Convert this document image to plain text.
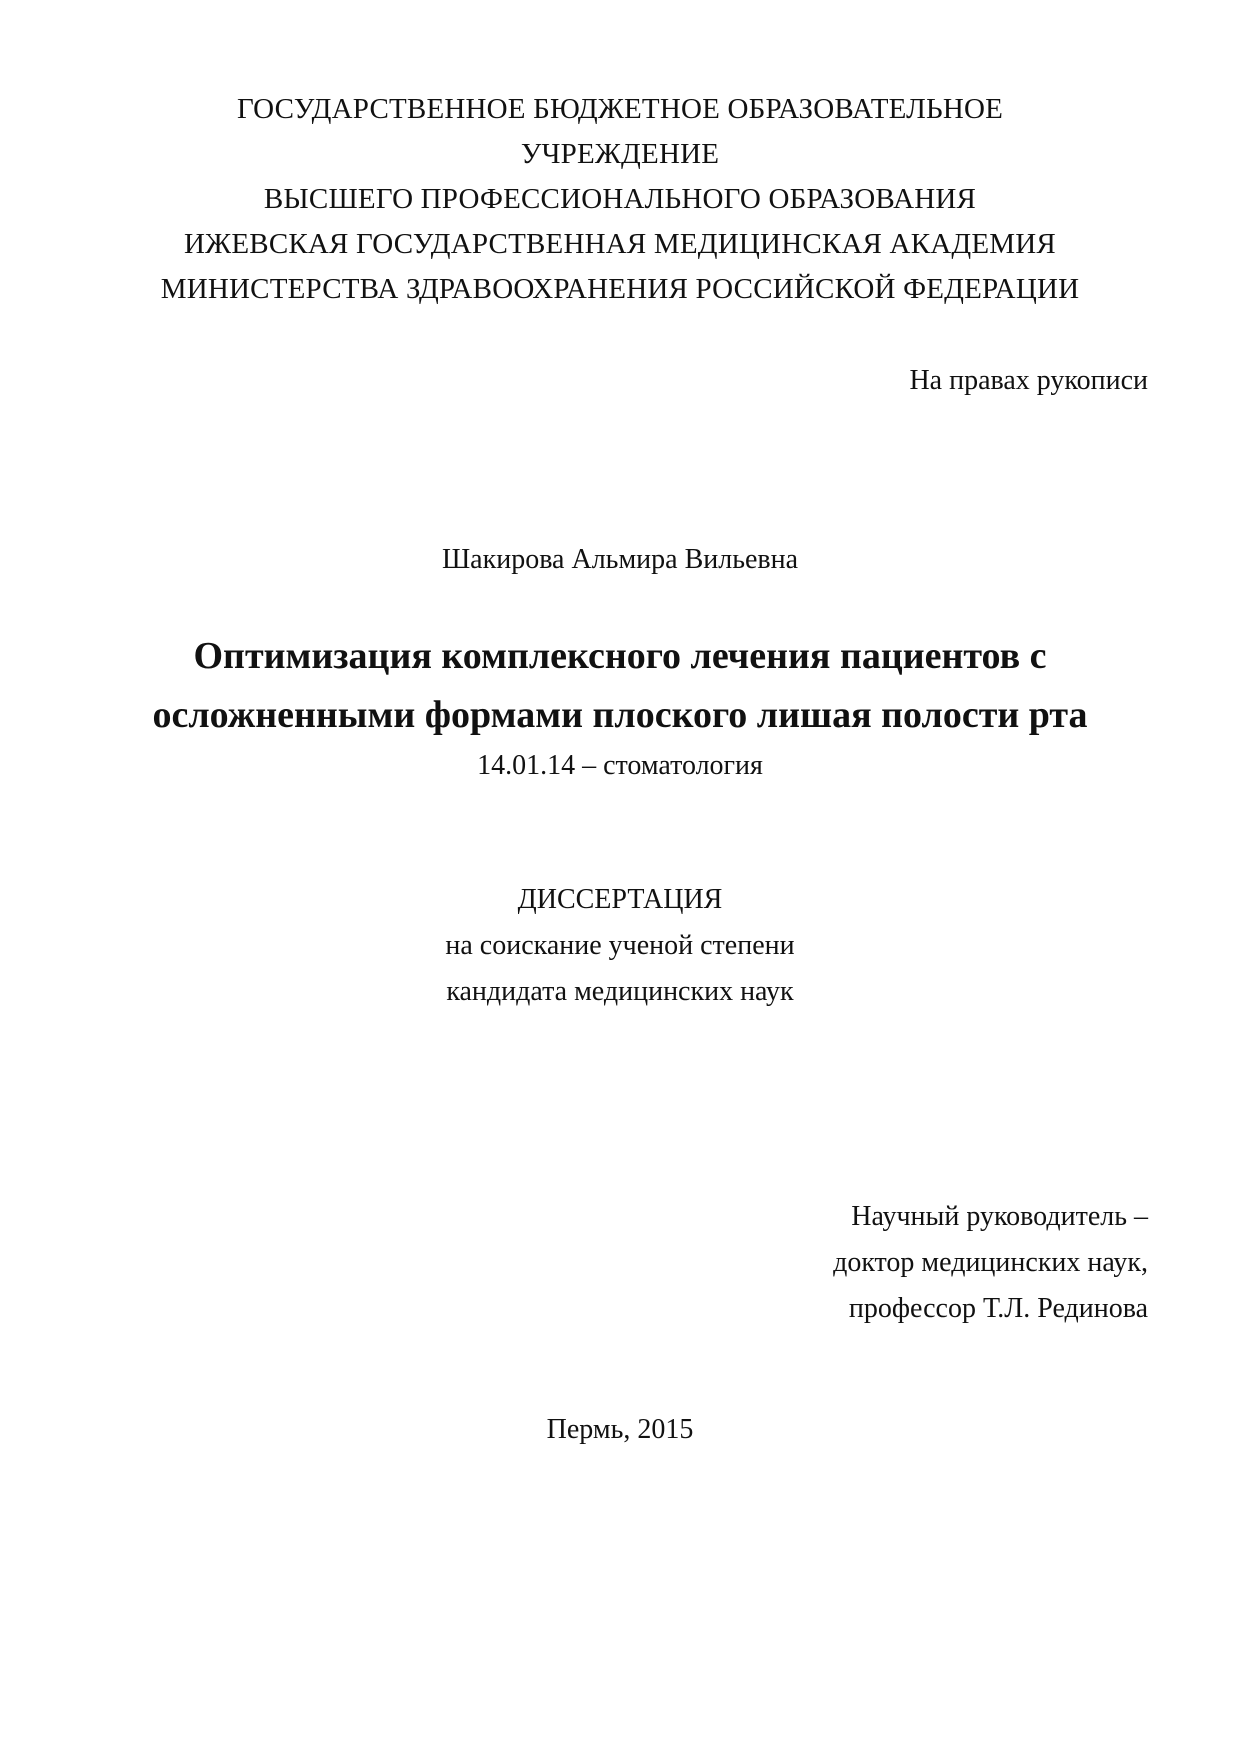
ГОСУДАРСТВЕННОЕ БЮДЖЕТНОЕ ОБРАЗОВАТЕЛЬНОЕ
УЧРЕЖДЕНИЕ
ВЫСШЕГО ПРОФЕССИОНАЛЬНОГО ОБРАЗОВАНИЯ
ИЖЕВСКАЯ ГОСУДАРСТВЕННАЯ МЕДИЦИНСКАЯ АКАДЕМИЯ
МИНИСТЕРСТВА ЗДРАВООХРАНЕНИЯ РОССИЙСКОЙ ФЕДЕРАЦИИ
На правах рукописи
Шакирова Альмира Вильевна
Оптимизация комплексного лечения пациентов с
осложненными формами плоского лишая полости рта
14.01.14 – стоматология
ДИССЕРТАЦИЯ
на соискание ученой степени
кандидата медицинских наук
Научный руководитель –
доктор медицинских наук,
профессор Т.Л. Рединова
Пермь, 2015
